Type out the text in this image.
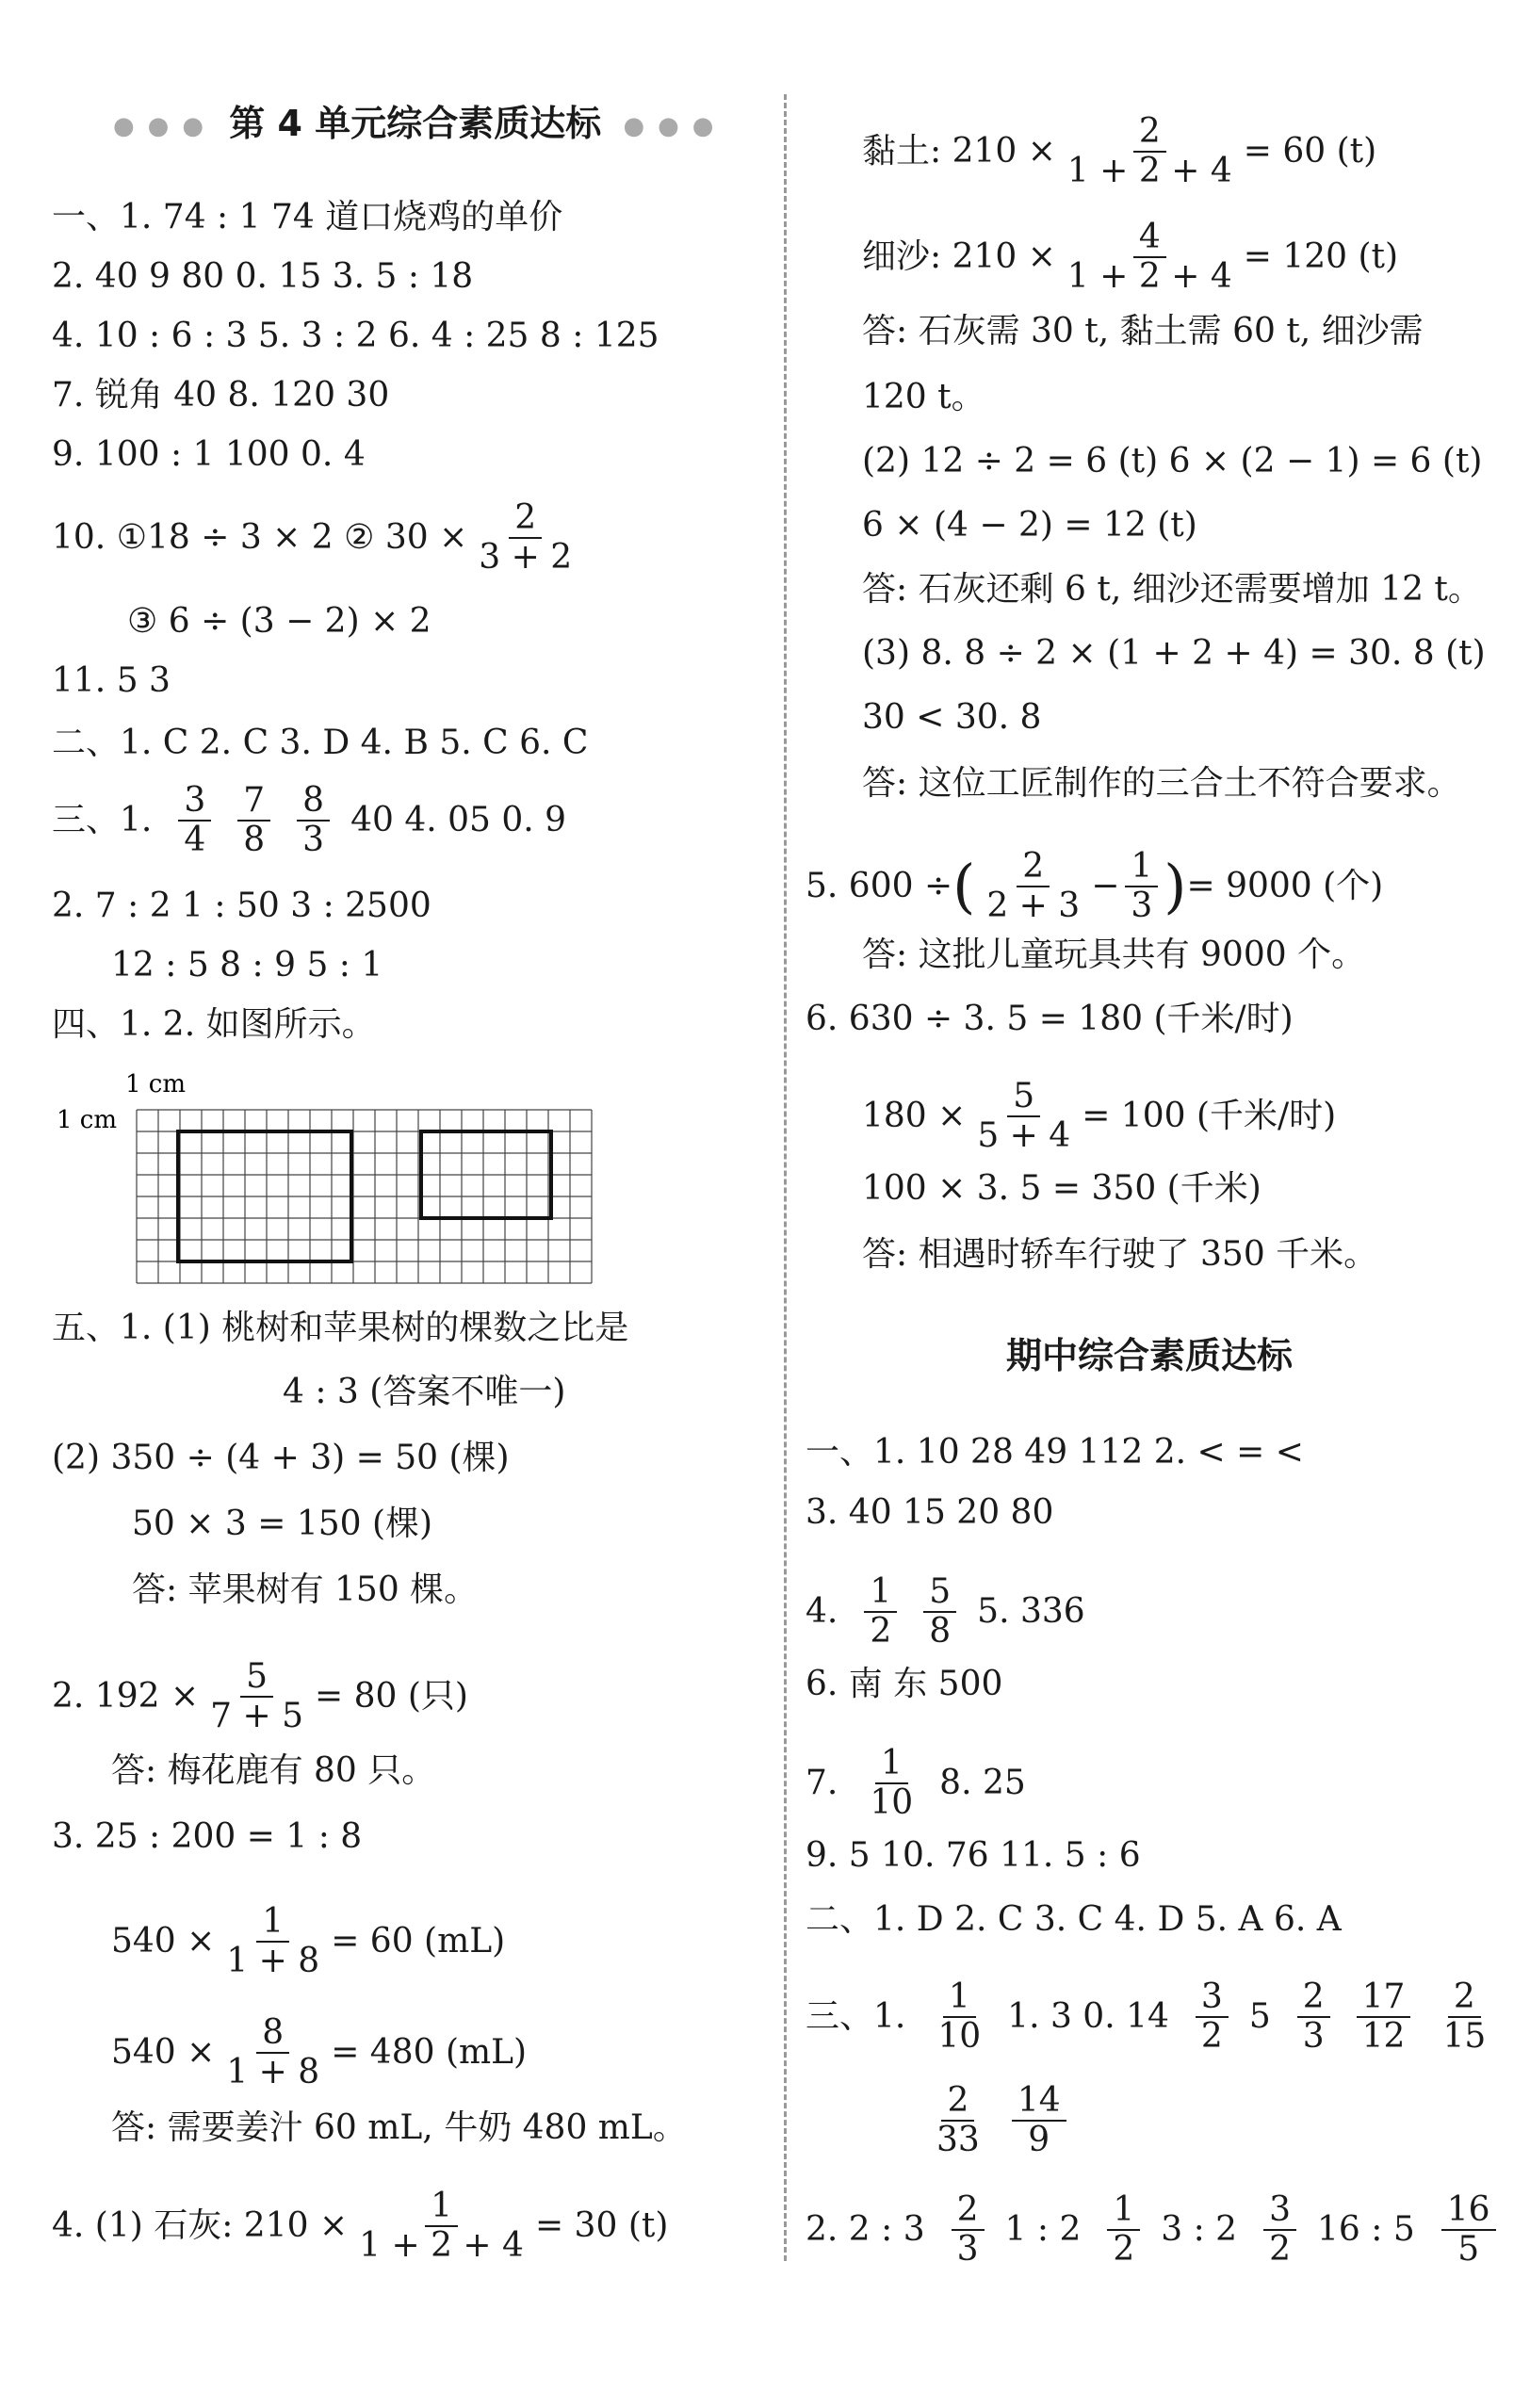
●●● 第 4 单元综合素质达标 ●●●
一、1. 74 : 1 74 道口烧鸡的单价
2. 40 9 80 0. 15 3. 5 : 18
4. 10 : 6 : 3 5. 3 : 2 6. 4 : 25 8 : 125
7. 锐角 40 8. 120 30
9. 100 : 1 100 0. 4
10. ①18 ÷ 3 × 2 ② $30 \times \frac{2}{3 + 2}$
③ 6 ÷ (3 − 2) × 2
11. 5 3
二、1. C 2. C 3. D 4. B 5. C 6. C
三、1. $\frac{3}{4} \frac{7}{8} \frac{8}{3} 40$ 4. 05 0. 9
2. 7 : 2 1 : 50 3 : 2500
12 : 5 8 : 9 5 : 1
四、1. 2. 如图所示。
1 cm
1 cm
五、1. (1) 桃树和苹果树的棵数之比是
4 : 3 (答案不唯一)
(2) 350 ÷ (4 + 3) = 50 (棵)
50 × 3 = 150 (棵)
答: 苹果树有 150 棵。
2. $192 \times \frac{5}{7 + 5} = 80$ (只)
答: 梅花鹿有 80 只。
3. 25 : 200 = 1 : 8
$540 \times \frac{1}{1 + 8} = 60$ (mL)
$540 \times \frac{8}{1 + 8} = 480$ (mL)
答: 需要姜汁 60 mL, 牛奶 480 mL。
4. (1) 石灰: $210 \times \frac{1}{1 + 2 + 4} = 30$ (t)
黏土: $210 \times \frac{2}{1 + 2 + 4} = 60$ (t)
细沙: $210 \times \frac{4}{1 + 2 + 4} = 120$ (t)
答: 石灰需 30 t, 黏土需 60 t, 细沙需
120 t。
(2) 12 ÷ 2 = 6 (t) 6 × (2 − 1) = 6 (t)
6 × (4 − 2) = 12 (t)
答: 石灰还剩 6 t, 细沙还需要增加 12 t。
(3) 8. 8 ÷ 2 × (1 + 2 + 4) = 30. 8 (t)
30 < 30. 8
答: 这位工匠制作的三合土不符合要求。
5. 600 ÷ ( $\frac{2}{2 + 3} - \frac{1}{3}$ ) = 9000 (个)
答: 这批儿童玩具共有 9000 个。
6. 630 ÷ 3. 5 = 180 (千米/时)
$180 \times \frac{5}{5 + 4} = 100$ (千米/时)
100 × 3. 5 = 350 (千米)
答: 相遇时轿车行驶了 350 千米。
期中综合素质达标
一、1. 10 28 49 112 2. < = <
3. 40 15 20 80
4. $\frac{1}{2} \frac{5}{8} 5$. 336
6. 南 东 500
7. $\frac{1}{10} 8$. 25
9. 5 10. 76 11. 5 : 6
二、1. D 2. C 3. C 4. D 5. A 6. A
三、1. $\frac{1}{10} 1$. 3 0. $14 \frac{3}{2} 5 \frac{2}{3} \frac{17}{12} \frac{2}{15}$
$\frac{2}{33} \frac{14}{9}$
2. 2 : $3 \frac{2}{3} 1$ : $2 \frac{1}{2} 3$ : $2 \frac{3}{2} 16$ : $5 \frac{16}{5}$
